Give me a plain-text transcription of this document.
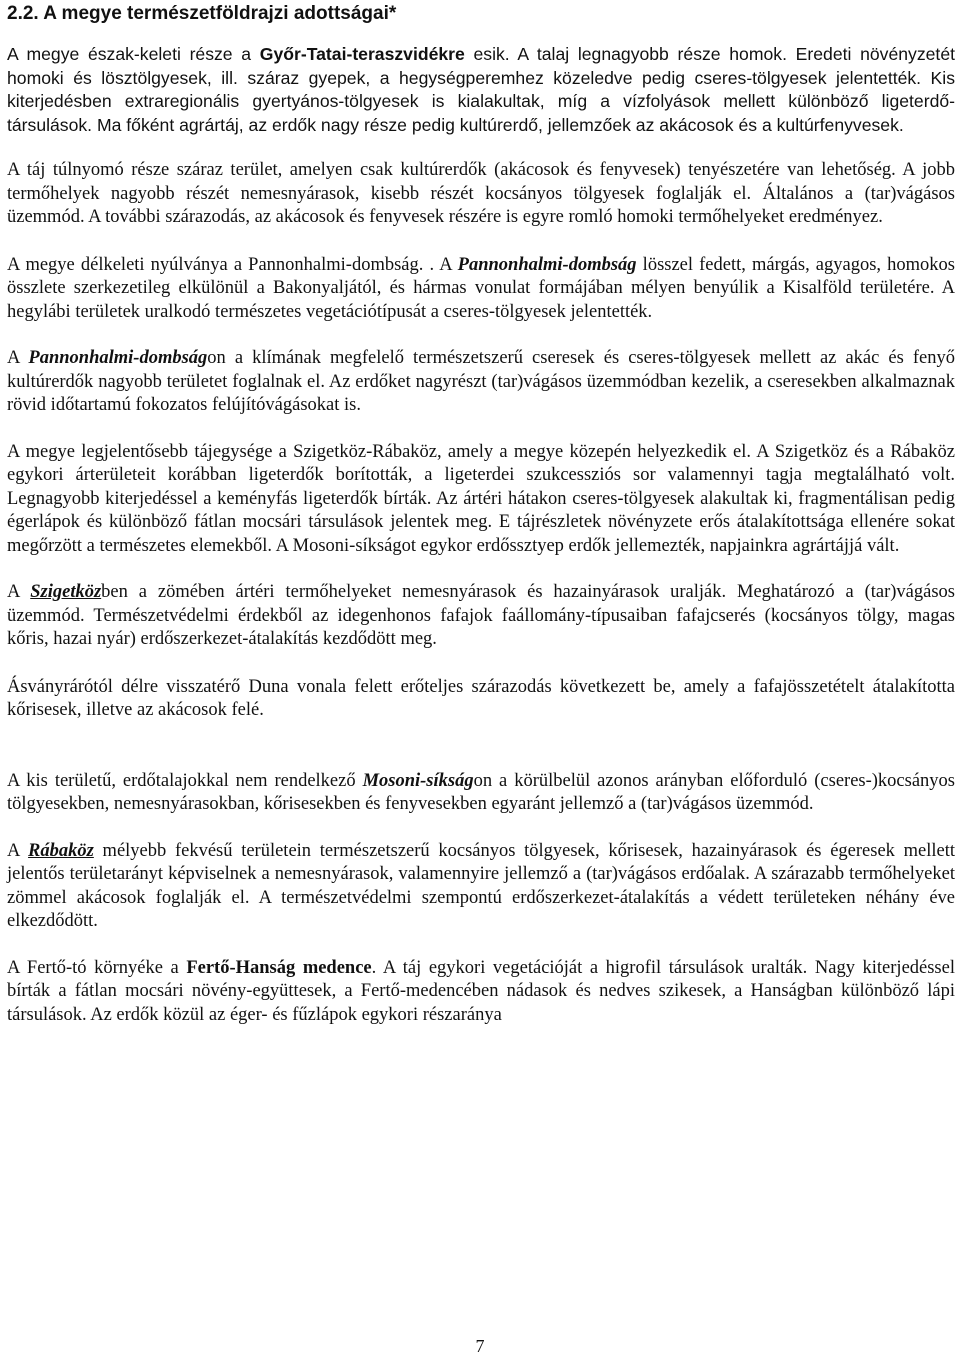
2.2. A megye természetföldrajzi adottságai*

A megye észak-keleti része a Győr-Tatai-teraszvidékre esik. A talaj legnagyobb része homok. Eredeti növényzetét homoki és lösztölgyesek, ill. száraz gyepek, a hegységperemhez közeledve pedig cseres-tölgyesek jelentették. Kis kiterjedésben extraregionális gyertyános-tölgyesek is kialakultak, míg a vízfolyások mellett különböző ligeterdő-társulások. Ma főként agrártáj, az erdők nagy része pedig kultúrerdő, jellemzőek az akácosok és a kultúrfenyvesek.

A táj túlnyomó része száraz terület, amelyen csak kultúrerdők (akácosok és fenyvesek) tenyészetére van lehetőség. A jobb termőhelyek nagyobb részét nemesnyárasok, kisebb részét kocsányos tölgyesek foglalják el. Általános a (tar)vágásos üzemmód. A további szárazodás, az akácosok és fenyvesek részére is egyre romló homoki termőhelyeket eredményez.

A megye délkeleti nyúlványa a Pannonhalmi-dombság. . A Pannonhalmi-dombság lösszel fedett, márgás, agyagos, homokos összlete szerkezetileg elkülönül a Bakonyaljától, és hármas vonulat formájában mélyen benyúlik a Kisalföld területére. A hegylábi területek uralkodó természetes vegetációtípusát a cseres-tölgyesek jelentették.

A Pannonhalmi-dombságon a klímának megfelelő természetszerű cseresek és cseres-tölgyesek mellett az akác és fenyő kultúrerdők nagyobb területet foglalnak el. Az erdőket nagyrészt (tar)vágásos üzemmódban kezelik, a cseresekben alkalmaznak rövid időtartamú fokozatos felújítóvágásokat is.

A megye legjelentősebb tájegysége a Szigetköz-Rábaköz, amely a megye közepén helyezkedik el. A Szigetköz és a Rábaköz egykori árterületeit korábban ligeterdők borították, a ligeterdei szukcessziós sor valamennyi tagja megtalálható volt. Legnagyobb kiterjedéssel a keményfás ligeterdők bírták. Az ártéri hátakon cseres-tölgyesek alakultak ki, fragmentálisan pedig égerlápok és különböző fátlan mocsári társulások jelentek meg. E tájrészletek növényzete erős átalakítottsága ellenére sokat megőrzött a természetes elemekből. A Mosoni-síkságot egykor erdőssztyep erdők jellemezték, napjainkra agrártájjá vált.

A Szigetközben a zömében ártéri termőhelyeket nemesnyárasok és hazainyárasok uralják. Meghatározó a (tar)vágásos üzemmód. Természetvédelmi érdekből az idegenhonos fafajok faállomány-típusaiban fafajcserés (kocsányos tölgy, magas kőris, hazai nyár) erdőszerkezet-átalakítás kezdődött meg.

Ásványrárótól délre visszatérő Duna vonala felett erőteljes szárazodás következett be, amely a fafajösszetételt átalakította kőrisesek, illetve az akácosok felé.

A kis területű, erdőtalajokkal nem rendelkező Mosoni-síkságon a körülbelül azonos arányban előforduló (cseres-)kocsányos tölgyesekben, nemesnyárasokban, kőrisesekben és fenyvesekben egyaránt jellemző a (tar)vágásos üzemmód.

A Rábaköz mélyebb fekvésű területein természetszerű kocsányos tölgyesek, kőrisesek, hazainyárasok és égeresek mellett jelentős területarányt képviselnek a nemesnyárasok, valamennyire jellemző a (tar)vágásos erdőalak. A szárazabb termőhelyeket zömmel akácosok foglalják el. A természetvédelmi szempontú erdőszerkezet-átalakítás a védett területeken néhány éve elkezdődött.

A Fertő-tó környéke a Fertő-Hanság medence. A táj egykori vegetációját a higrofil társulások uralták. Nagy kiterjedéssel bírták a fátlan mocsári növény-együttesek, a Fertő-medencében nádasok és nedves szikesek, a Hanságban különböző lápi társulások. Az erdők közül az éger- és fűzlápok egykori részaránya

7
